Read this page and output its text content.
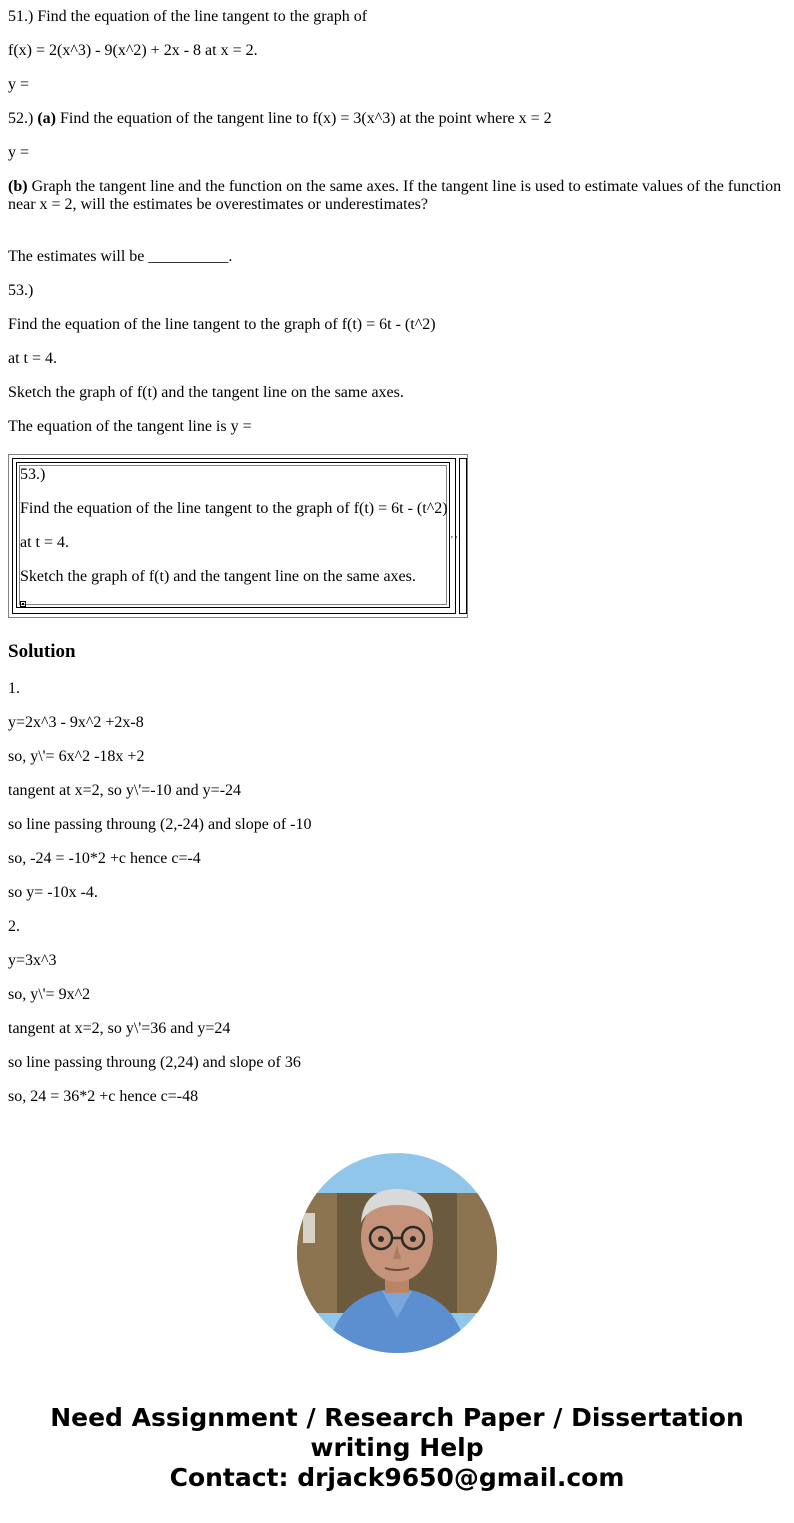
51.) Find the equation of the line tangent to the graph of

f(x) = 2(x^3) - 9(x^2) + 2x - 8 at x = 2.

y =

52.) (a) Find the equation of the tangent line to f(x) = 3(x^3) at the point where x = 2

y =

(b) Graph the tangent line and the function on the same axes. If the tangent line is used to estimate values of the function near x = 2, will the estimates be overestimates or underestimates?

The estimates will be __________.

53.)

Find the equation of the line tangent to the graph of f(t) = 6t - (t^2)

at t = 4.

Sketch the graph of f(t) and the tangent line on the same axes.

The equation of the tangent line is y =

53.)

Find the equation of the line tangent to the graph of f(t) = 6t - (t^2)

at t = 4.

Sketch the graph of f(t) and the tangent line on the same axes.

' '
Solution

1.

y=2x^3 - 9x^2 +2x-8

so, y\'= 6x^2 -18x +2

tangent at x=2, so y\'=-10 and y=-24

so line passing throung (2,-24) and slope of -10

so, -24 = -10*2 +c hence c=-4

so y= -10x -4.

2.

y=3x^3

so, y\'= 9x^2

tangent at x=2, so y\'=36 and y=24

so line passing throung (2,24) and slope of 36

so, 24 = 36*2 +c hence c=-48

Need Assignment / Research Paper / Dissertation
writing Help
Contact: drjack9650@gmail.com
